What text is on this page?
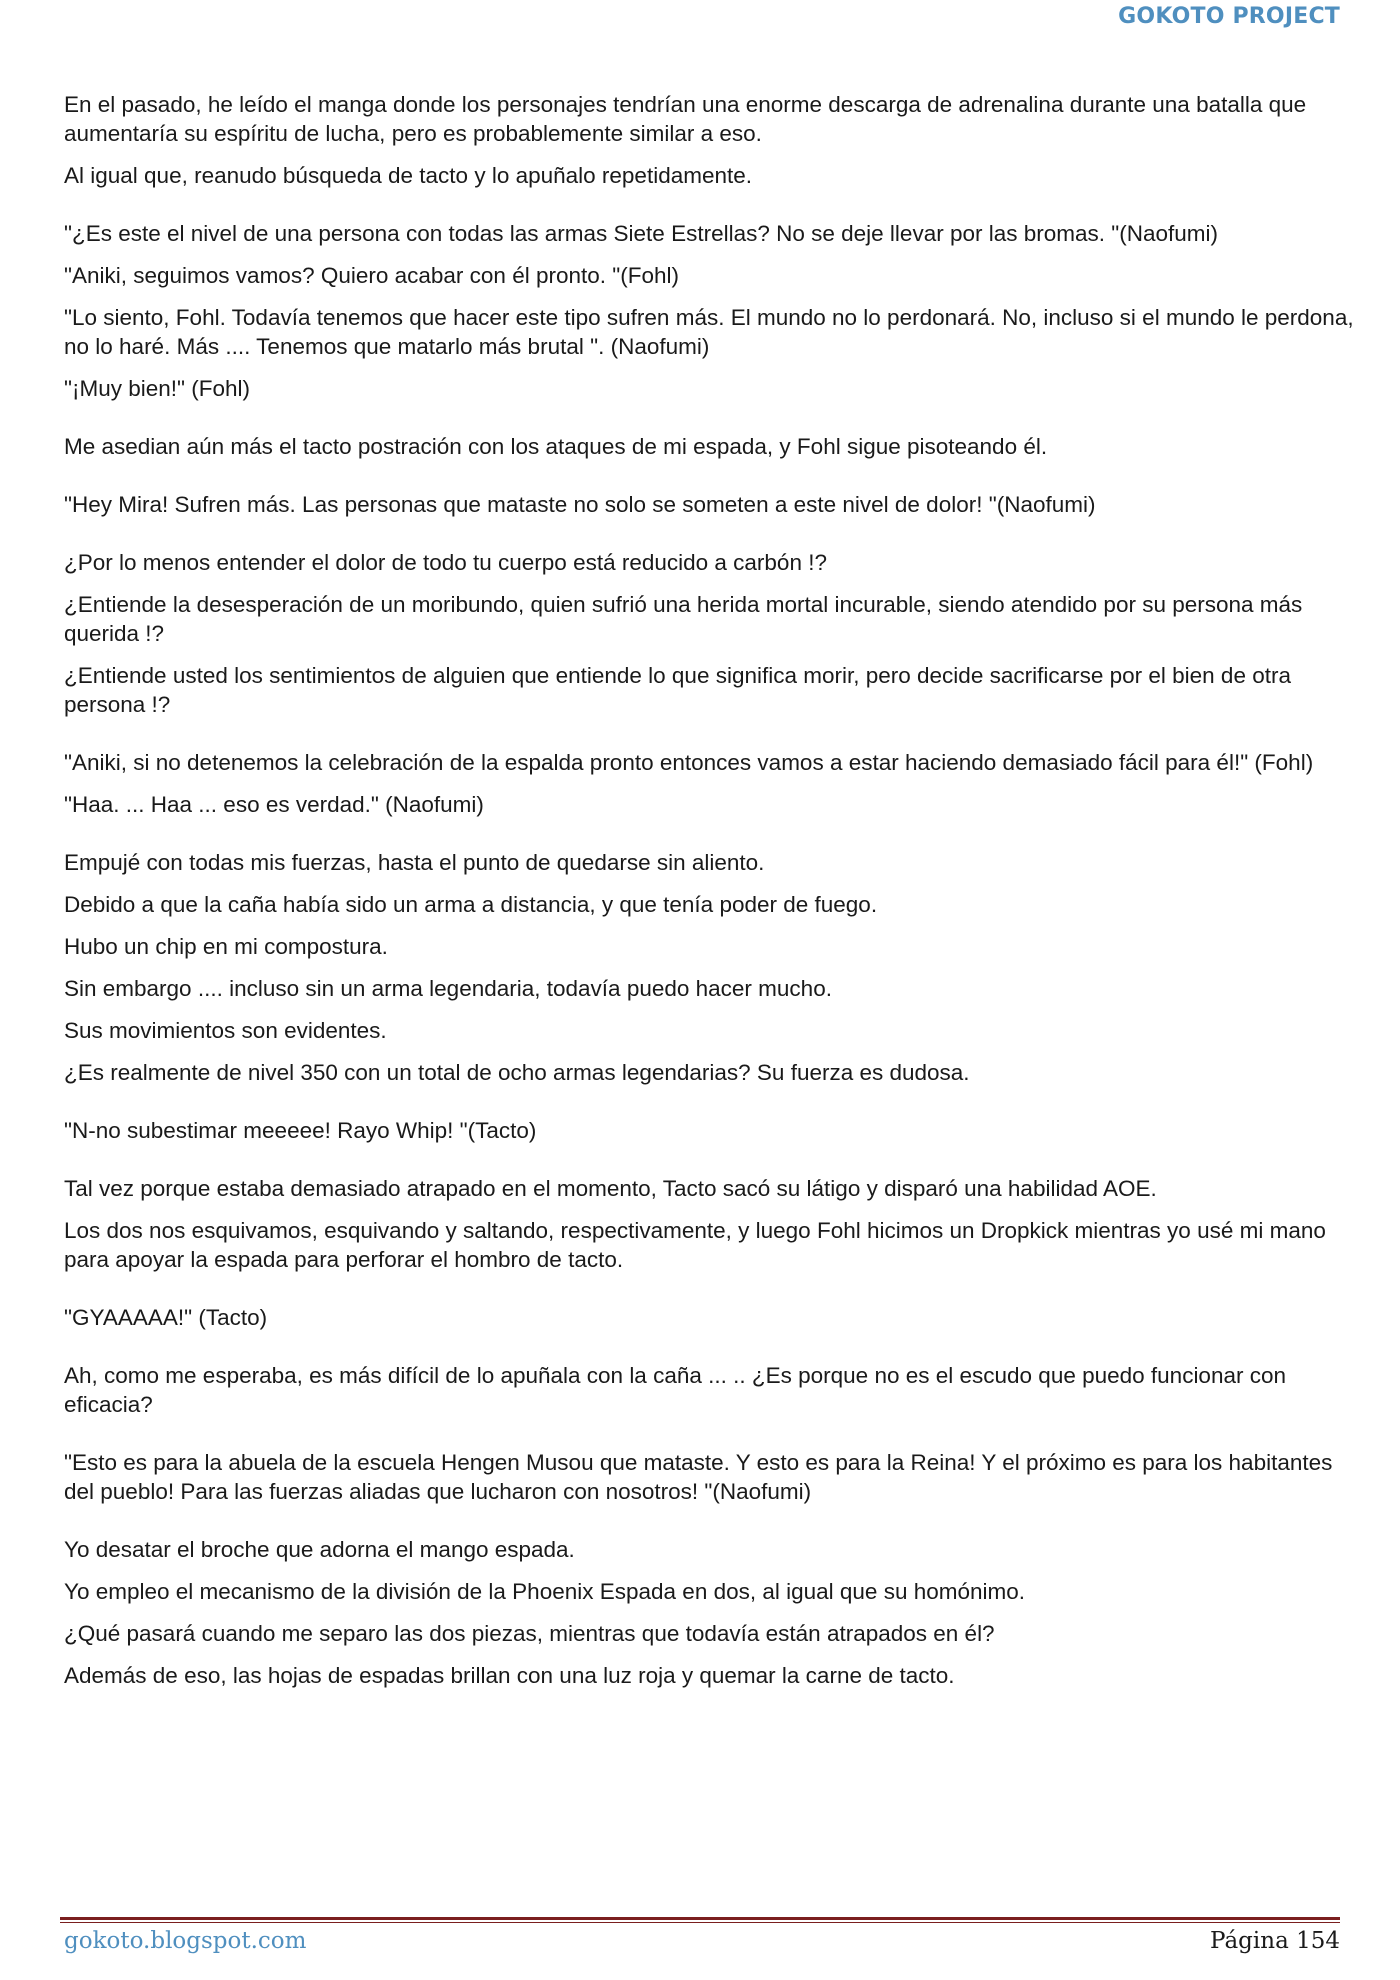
GOKOTO PROJECT

En el pasado, he leído el manga donde los personajes tendrían una enorme descarga de adrenalina durante una batalla que aumentaría su espíritu de lucha, pero es probablemente similar a eso.

Al igual que, reanudo búsqueda de tacto y lo apuñalo repetidamente.

"¿Es este el nivel de una persona con todas las armas Siete Estrellas? No se deje llevar por las bromas. "(Naofumi)

"Aniki, seguimos vamos? Quiero acabar con él pronto. "(Fohl)

"Lo siento, Fohl. Todavía tenemos que hacer este tipo sufren más. El mundo no lo perdonará. No, incluso si el mundo le perdona, no lo haré. Más .... Tenemos que matarlo más brutal ". (Naofumi)

"¡Muy bien!" (Fohl)

Me asedian aún más el tacto postración con los ataques de mi espada, y Fohl sigue pisoteando él.

"Hey Mira! Sufren más. Las personas que mataste no solo se someten a este nivel de dolor! "(Naofumi)

¿Por lo menos entender el dolor de todo tu cuerpo está reducido a carbón !?

¿Entiende la desesperación de un moribundo, quien sufrió una herida mortal incurable, siendo atendido por su persona más querida !?

¿Entiende usted los sentimientos de alguien que entiende lo que significa morir, pero decide sacrificarse por el bien de otra persona !?

"Aniki, si no detenemos la celebración de la espalda pronto entonces vamos a estar haciendo demasiado fácil para él!" (Fohl)

"Haa. ... Haa ... eso es verdad." (Naofumi)

Empujé con todas mis fuerzas, hasta el punto de quedarse sin aliento.

Debido a que la caña había sido un arma a distancia, y que tenía poder de fuego.

Hubo un chip en mi compostura.

Sin embargo .... incluso sin un arma legendaria, todavía puedo hacer mucho.

Sus movimientos son evidentes.

¿Es realmente de nivel 350 con un total de ocho armas legendarias? Su fuerza es dudosa.

"N-no subestimar meeeee! Rayo Whip! "(Tacto)

Tal vez porque estaba demasiado atrapado en el momento, Tacto sacó su látigo y disparó una habilidad AOE.

Los dos nos esquivamos, esquivando y saltando, respectivamente, y luego Fohl hicimos un Dropkick mientras yo usé mi mano para apoyar la espada para perforar el hombro de tacto.

"GYAAAAA!" (Tacto)

Ah, como me esperaba, es más difícil de lo apuñala con la caña ... .. ¿Es porque no es el escudo que puedo funcionar con eficacia?

"Esto es para la abuela de la escuela Hengen Musou que mataste. Y esto es para la Reina! Y el próximo es para los habitantes del pueblo! Para las fuerzas aliadas que lucharon con nosotros! "(Naofumi)

Yo desatar el broche que adorna el mango espada.

Yo empleo el mecanismo de la división de la Phoenix Espada en dos, al igual que su homónimo.

¿Qué pasará cuando me separo las dos piezas, mientras que todavía están atrapados en él?

Además de eso, las hojas de espadas brillan con una luz roja y quemar la carne de tacto.

gokoto.blogspot.com	Página 154
